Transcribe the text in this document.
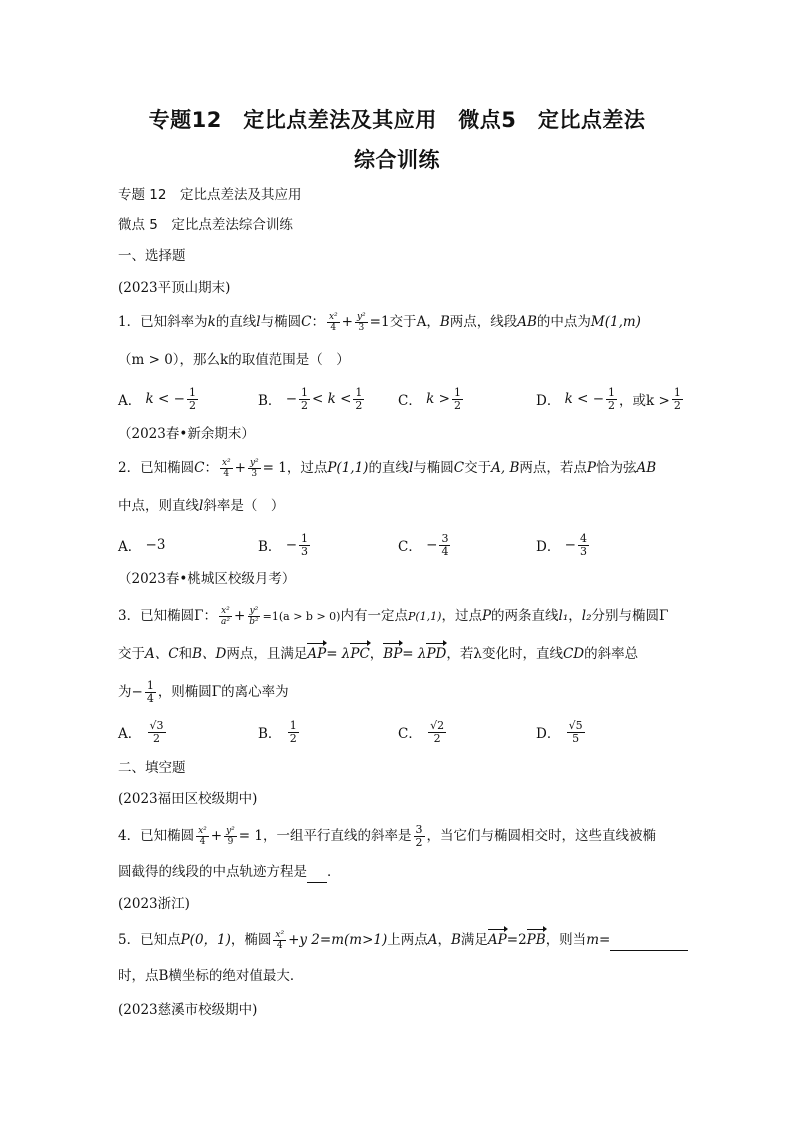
专题12　定比点差法及其应用　微点5　定比点差法
综合训练
专题 12　定比点差法及其应用
微点 5　定比点差法综合训练
一、选择题
(2023平顶山期末)
1．已知斜率为k的直线l与椭圆C： $\frac{\text{x²}}{4} + \frac{\text{y²}}{3} =1$交于A，B两点，线段AB的中点为M(1,m)
（m > 0），那么k的取值范围是（　）
A．
k < − $\frac{1}{2}$	B．
− $\frac{1}{2} < k < \frac{1}{2}$ C．
$k > \frac{1}{2}$	D．
k < − $\frac{1}{2}$ ，或$k > \frac{1}{2}$
（2023春•新余期末）
2．已知椭圆C： $\frac{\text{x²}}{4} + \frac{\text{y²}}{3} = 1$，过点P(1,1)的直线l与椭圆C交于A, B两点，若点P恰为弦AB
中点，则直线l斜率是（　）
A．
−3	B．
− $\frac{1}{3}$	C．
− $\frac{3}{4}$	D．
− $\frac{4}{3}$
（2023春•桃城区校级月考）
3．已知椭圆Γ： $\frac{\text{x²}}{\text{a²}} + \frac{\text{y²}}{\text{b²}} =1(a > b > 0)$内有一定点P(1,1)，过点P的两条直线l₁，l₂分别与椭圆Γ
交于A、C和B、D两点，且满足AP= λPC，BP= λPD，若λ变化时，直线CD的斜率总
为− $\frac{1}{4}$ ，则椭圆Γ的离心率为
A．
$\frac{√3}{2}$	B．
$\frac{1}{2}$	C．
$\frac{√2}{2}$	D．
$\frac{√5}{5}$
二、填空题
(2023福田区校级期中)
4．已知椭圆 $\frac{\text{x²}}{4} + \frac{\text{y²}}{9} = 1$，一组平行直线的斜率是 $\frac{3}{2}$ ，当它们与椭圆相交时，这些直线被椭
圆截得的线段的中点轨迹方程是 ．
(2023浙江)
5．已知点P(0，1)，椭圆 $\frac{\text{x²}}{4} +y$ 2=m(m>1)上两点A，B满足AP=2PB，则当m=
时，点B横坐标的绝对值最大．
(2023慈溪市校级期中)
